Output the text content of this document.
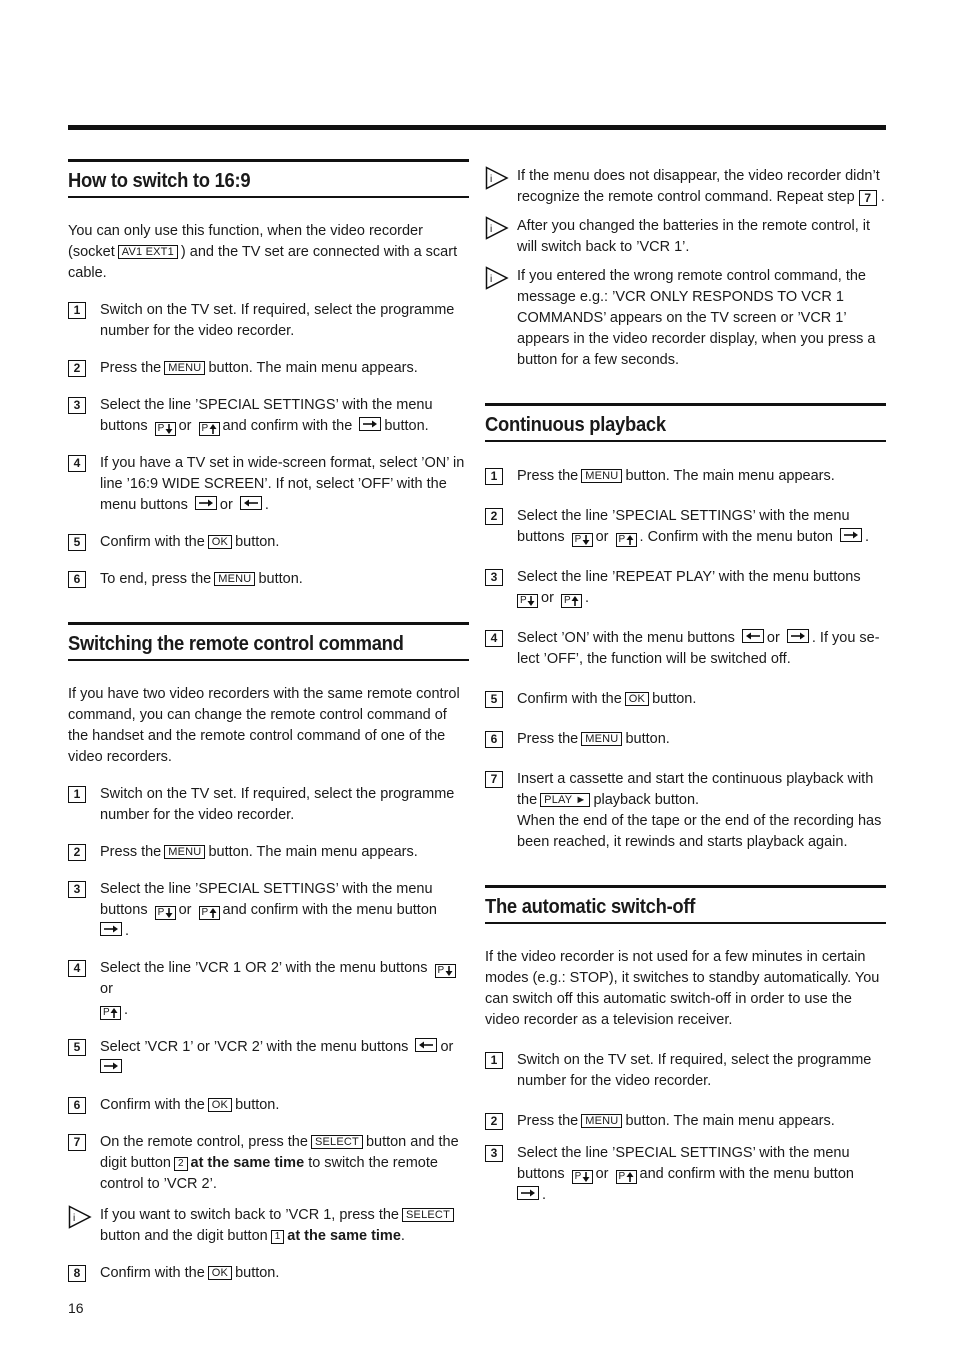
How to switch to 16:9

You can only use this function, when the video recorder (socket AV1 EXT1 ) and the TV set are connected with a scart cable.

1	Switch on the TV set. If required, select the programme number for the video recorder.
2	Press the MENU button. The main menu appears.
3	Select the line ’SPECIAL SETTINGS’ with the menu buttons P or P and confirm with the button.
4	If you have a TV set in wide-screen format, select ’ON’ in line ’16:9 WIDE SCREEN’. If not, select ’OFF’ with the menu buttons or .
5	Confirm with the OK button.
6	To end, press the MENU button.
Switching the remote control command

If you have two video recorders with the same remote control command, you can change the remote control command of the handset and the remote control command of one of the video recorders.

1	Switch on the TV set. If required, select the programme number for the video recorder.
2	Press the MENU button. The main menu appears.
3	Select the line ’SPECIAL SETTINGS’ with the menu buttons P or P and confirm with the menu button

.
4	Select the line ’VCR 1 OR 2’ with the menu buttons P
or
P .
5	Select ’VCR 1’ or ’VCR 2’ with the menu buttons or

6	Confirm with the OK button.
7	On the remote control, press the SELECT button and the digit button 2 at the same time to switch the remote control to ’VCR 2’.
i If you want to switch back to ’VCR 1, press the SELECTbutton and the digit button 1 at the same time.
8	Confirm with the OK button.
i If the menu does not disappear, the video recorder didn’t recognize the remote control command. Repeat step 7 .
i After you changed the batteries in the remote control, it will switch back to ’VCR 1’.
i If you entered the wrong remote control command, the message e.g.: ’VCR ONLY RESPONDS TO VCR 1 COMMANDS’ appears on the TV screen or ’VCR 1’ appears in the video recorder display, when you press a button for a few seconds.
Continuous playback
1	Press the MENU button. The main menu appears.
2	Select the line ’SPECIAL SETTINGS’ with the menu buttons P or P . Confirm with the menu buton .
3	Select the line ’REPEAT PLAY’ with the menu buttons
P or P .
4	Select ’ON’ with the menu buttons or . If you se-lect ’OFF’, the function will be switched off.
5	Confirm with the OK button.
6	Press the MENU button.
7	Insert a cassette and start the continuous playback with the PLAY ► playback button.
When the end of the tape or the end of the recording has been reached, it rewinds and starts playback again.
The automatic switch-off

If the video recorder is not used for a few minutes in certain modes (e.g.: STOP), it switches to standby automatically. You can switch off this automatic switch-off in order to use the video recorder as a television receiver.

1	Switch on the TV set. If required, select the programme number for the video recorder.
2	Press the MENU button. The main menu appears.
3	Select the line ’SPECIAL SETTINGS’ with the menu buttons P or P and confirm with the menu button

.
16
